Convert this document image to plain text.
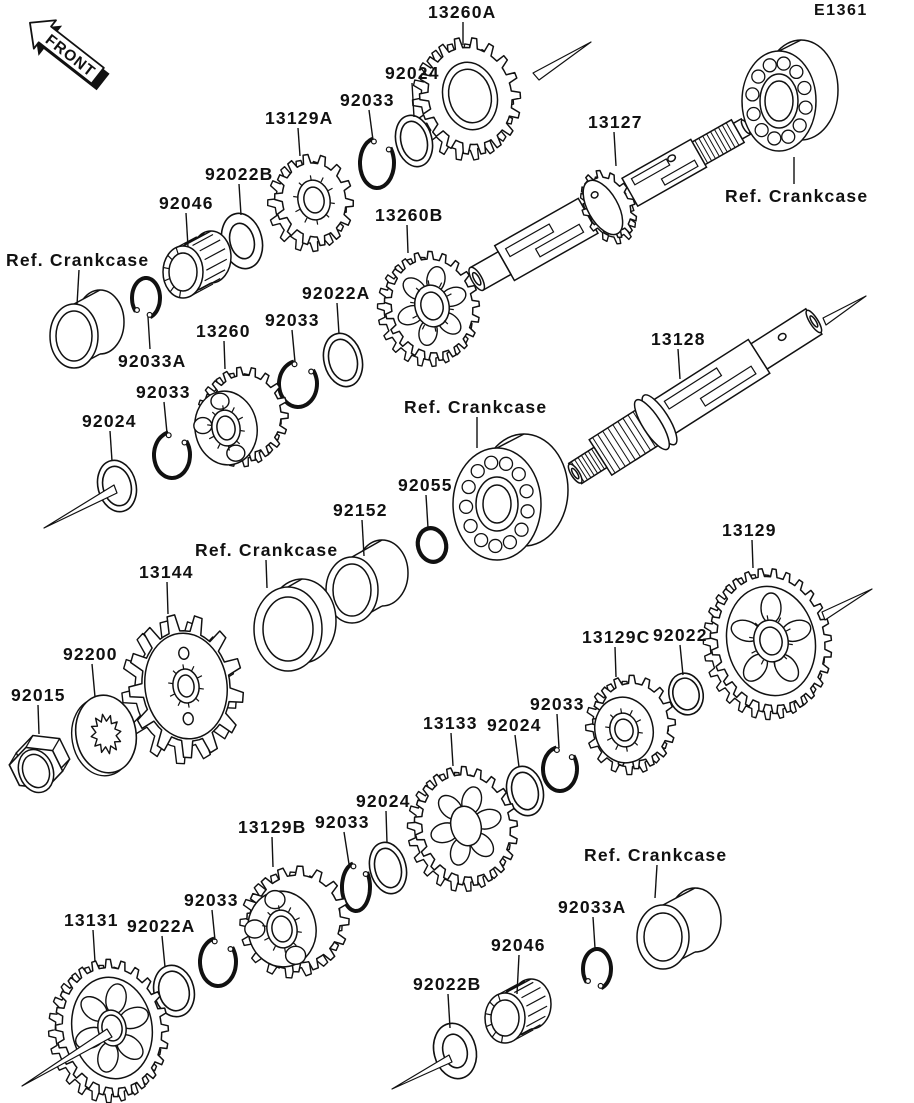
FRONT
E1361
13260A
92024
92033
13129A
92022B
92046
Ref. Crankcase
13127
Ref. Crankcase
13260B
92022A
92033
13260
92033A
92033
92024
13128
Ref. Crankcase
92055
92152
Ref. Crankcase
13144
92200
92015
13129
13129C 92022
92033
92024
13133
92024
92033
13129B
92033
13131 92022A
92046
92022B
92033A
Ref. Crankcase
